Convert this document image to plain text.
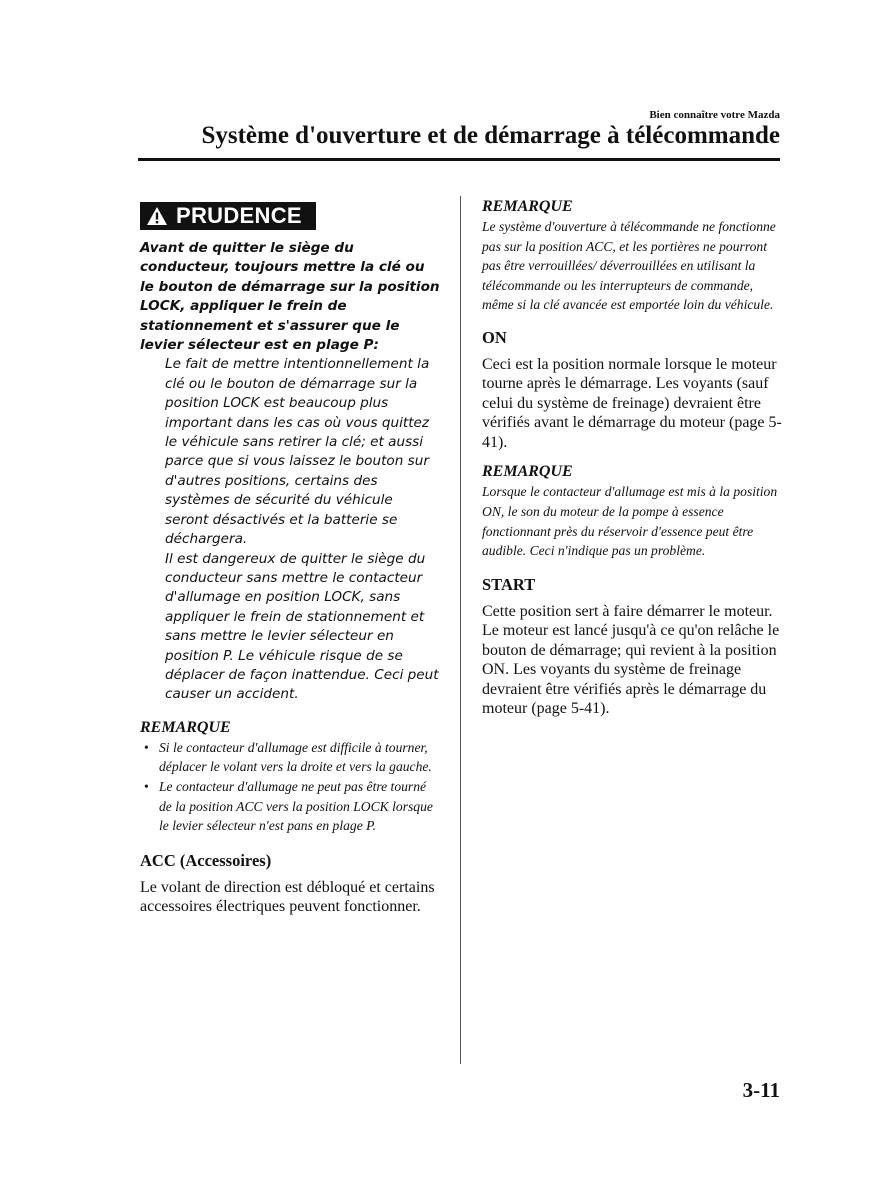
Bien connaître votre Mazda
Système d'ouverture et de démarrage à télécommande
PRUDENCE

Avant de quitter le siège du conducteur, toujours mettre la clé ou le bouton de démarrage sur la position LOCK, appliquer le frein de stationnement et s'assurer que le levier sélecteur est en plage P:

Le fait de mettre intentionnellement la clé ou le bouton de démarrage sur la position LOCK est beaucoup plus important dans les cas où vous quittez le véhicule sans retirer la clé; et aussi parce que si vous laissez le bouton sur d'autres positions, certains des systèmes de sécurité du véhicule seront désactivés et la batterie se déchargera.

Il est dangereux de quitter le siège du conducteur sans mettre le contacteur d'allumage en position LOCK, sans appliquer le frein de stationnement et sans mettre le levier sélecteur en position P. Le véhicule risque de se déplacer de façon inattendue. Ceci peut causer un accident.

REMARQUE

• Si le contacteur d'allumage est difficile à tourner, déplacer le volant vers la droite et vers la gauche.
• Le contacteur d'allumage ne peut pas être tourné de la position ACC vers la position LOCK lorsque le levier sélecteur n'est pans en plage P.

ACC (Accessoires)

Le volant de direction est débloqué et certains accessoires électriques peuvent fonctionner.

REMARQUE

Le système d'ouverture à télécommande ne fonctionne pas sur la position ACC, et les portières ne pourront pas être verrouillées/ déverrouillées en utilisant la télécommande ou les interrupteurs de commande, même si la clé avancée est emportée loin du véhicule.

ON

Ceci est la position normale lorsque le moteur tourne après le démarrage. Les voyants (sauf celui du système de freinage) devraient être vérifiés avant le démarrage du moteur (page 5-41).

REMARQUE

Lorsque le contacteur d'allumage est mis à la position ON, le son du moteur de la pompe à essence fonctionnant près du réservoir d'essence peut être audible. Ceci n'indique pas un problème.

START

Cette position sert à faire démarrer le moteur. Le moteur est lancé jusqu'à ce qu'on relâche le bouton de démarrage; qui revient à la position ON. Les voyants du système de freinage devraient être vérifiés après le démarrage du moteur (page 5-41).

3-11
